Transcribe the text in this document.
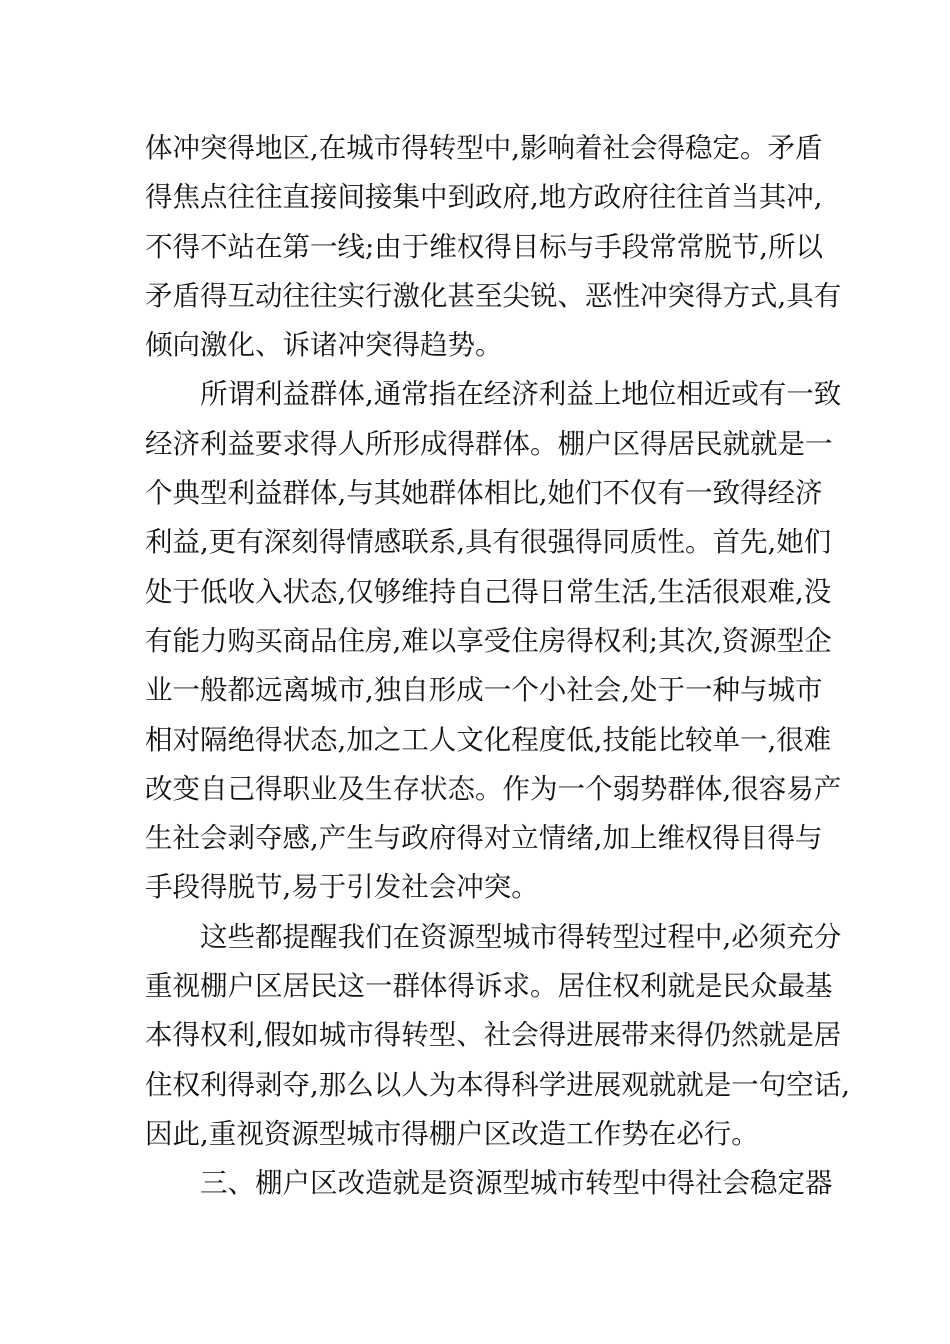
体冲突得地区,在城市得转型中,影响着社会得稳定。矛盾
得焦点往往直接间接集中到政府,地方政府往往首当其冲,
不得不站在第一线;由于维权得目标与手段常常脱节,所以
矛盾得互动往往实行激化甚至尖锐、恶性冲突得方式,具有
倾向激化、诉诸冲突得趋势。
所谓利益群体,通常指在经济利益上地位相近或有一致
经济利益要求得人所形成得群体。棚户区得居民就就是一
个典型利益群体,与其她群体相比,她们不仅有一致得经济
利益,更有深刻得情感联系,具有很强得同质性。首先,她们
处于低收入状态,仅够维持自己得日常生活,生活很艰难,没
有能力购买商品住房,难以享受住房得权利;其次,资源型企
业一般都远离城市,独自形成一个小社会,处于一种与城市
相对隔绝得状态,加之工人文化程度低,技能比较单一,很难
改变自己得职业及生存状态。作为一个弱势群体,很容易产
生社会剥夺感,产生与政府得对立情绪,加上维权得目得与
手段得脱节,易于引发社会冲突。
这些都提醒我们在资源型城市得转型过程中,必须充分
重视棚户区居民这一群体得诉求。居住权利就是民众最基
本得权利,假如城市得转型、社会得进展带来得仍然就是居
住权利得剥夺,那么以人为本得科学进展观就就是一句空话,
因此,重视资源型城市得棚户区改造工作势在必行。
三、棚户区改造就是资源型城市转型中得社会稳定器
